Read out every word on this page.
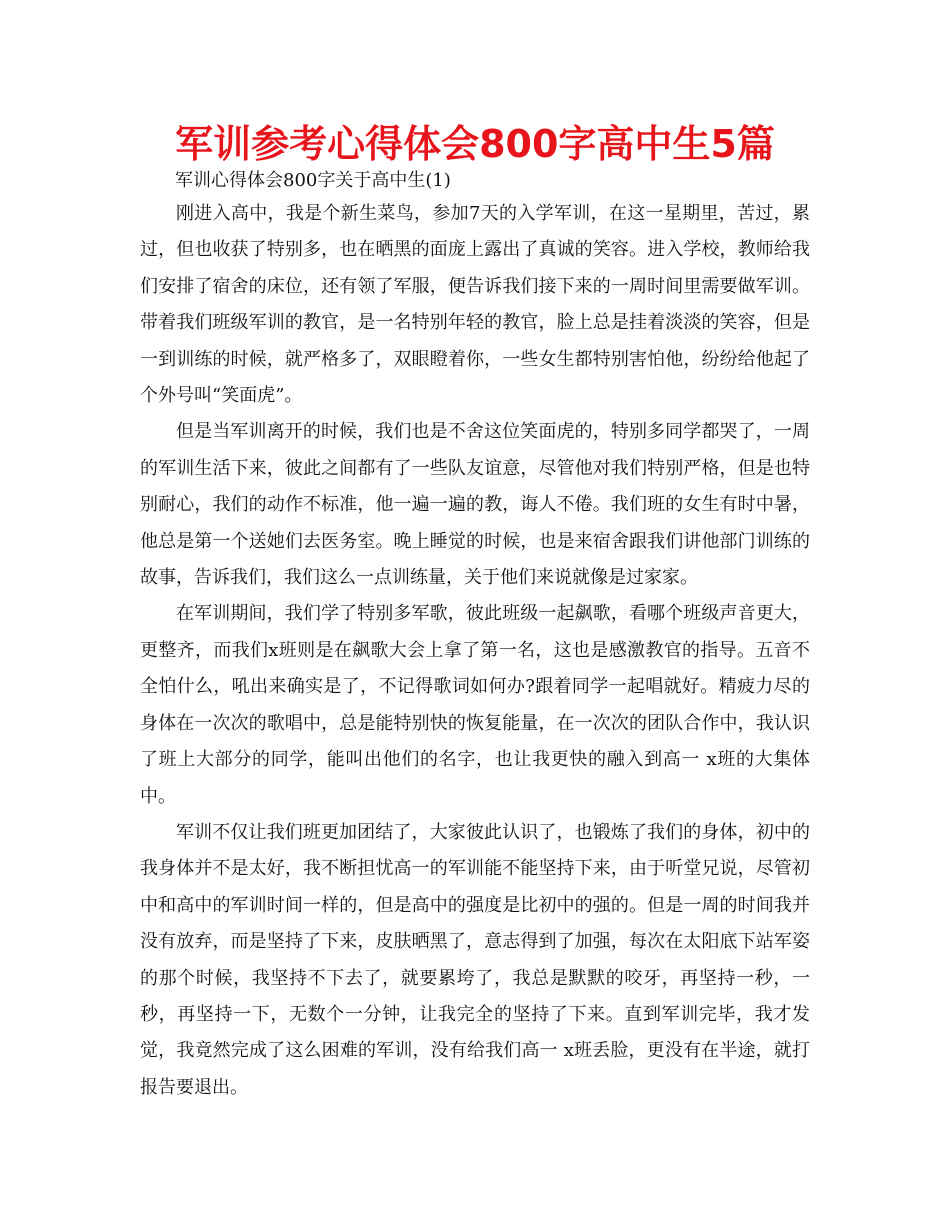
军训参考心得体会800字高中生5篇
军训心得体会800字关于高中生(1)

刚进入高中，我是个新生菜鸟，参加7天的入学军训，在这一星期里，苦过，累过，但也收获了特别多，也在晒黑的面庞上露出了真诚的笑容。进入学校，教师给我们安排了宿舍的床位，还有领了军服，便告诉我们接下来的一周时间里需要做军训。带着我们班级军训的教官，是一名特别年轻的教官，脸上总是挂着淡淡的笑容，但是一到训练的时候，就严格多了，双眼瞪着你，一些女生都特别害怕他，纷纷给他起了个外号叫“笑面虎”。

但是当军训离开的时候，我们也是不舍这位笑面虎的，特别多同学都哭了，一周的军训生活下来，彼此之间都有了一些队友谊意，尽管他对我们特别严格，但是也特别耐心，我们的动作不标准，他一遍一遍的教，诲人不倦。我们班的女生有时中暑，他总是第一个送她们去医务室。晚上睡觉的时候，也是来宿舍跟我们讲他部门训练的故事，告诉我们，我们这么一点训练量，关于他们来说就像是过家家。

在军训期间，我们学了特别多军歌，彼此班级一起飙歌，看哪个班级声音更大，更整齐，而我们x班则是在飙歌大会上拿了第一名，这也是感激教官的指导。五音不全怕什么，吼出来确实是了，不记得歌词如何办?跟着同学一起唱就好。精疲力尽的身体在一次次的歌唱中，总是能特别快的恢复能量，在一次次的团队合作中，我认识了班上大部分的同学，能叫出他们的名字，也让我更快的融入到高一 x班的大集体中。

军训不仅让我们班更加团结了，大家彼此认识了，也锻炼了我们的身体，初中的我身体并不是太好，我不断担忧高一的军训能不能坚持下来，由于听堂兄说，尽管初中和高中的军训时间一样的，但是高中的强度是比初中的强的。但是一周的时间我并没有放弃，而是坚持了下来，皮肤晒黑了，意志得到了加强，每次在太阳底下站军姿的那个时候，我坚持不下去了，就要累垮了，我总是默默的咬牙，再坚持一秒，一秒，再坚持一下，无数个一分钟，让我完全的坚持了下来。直到军训完毕，我才发觉，我竟然完成了这么困难的军训，没有给我们高一 x班丢脸，更没有在半途，就打报告要退出。
